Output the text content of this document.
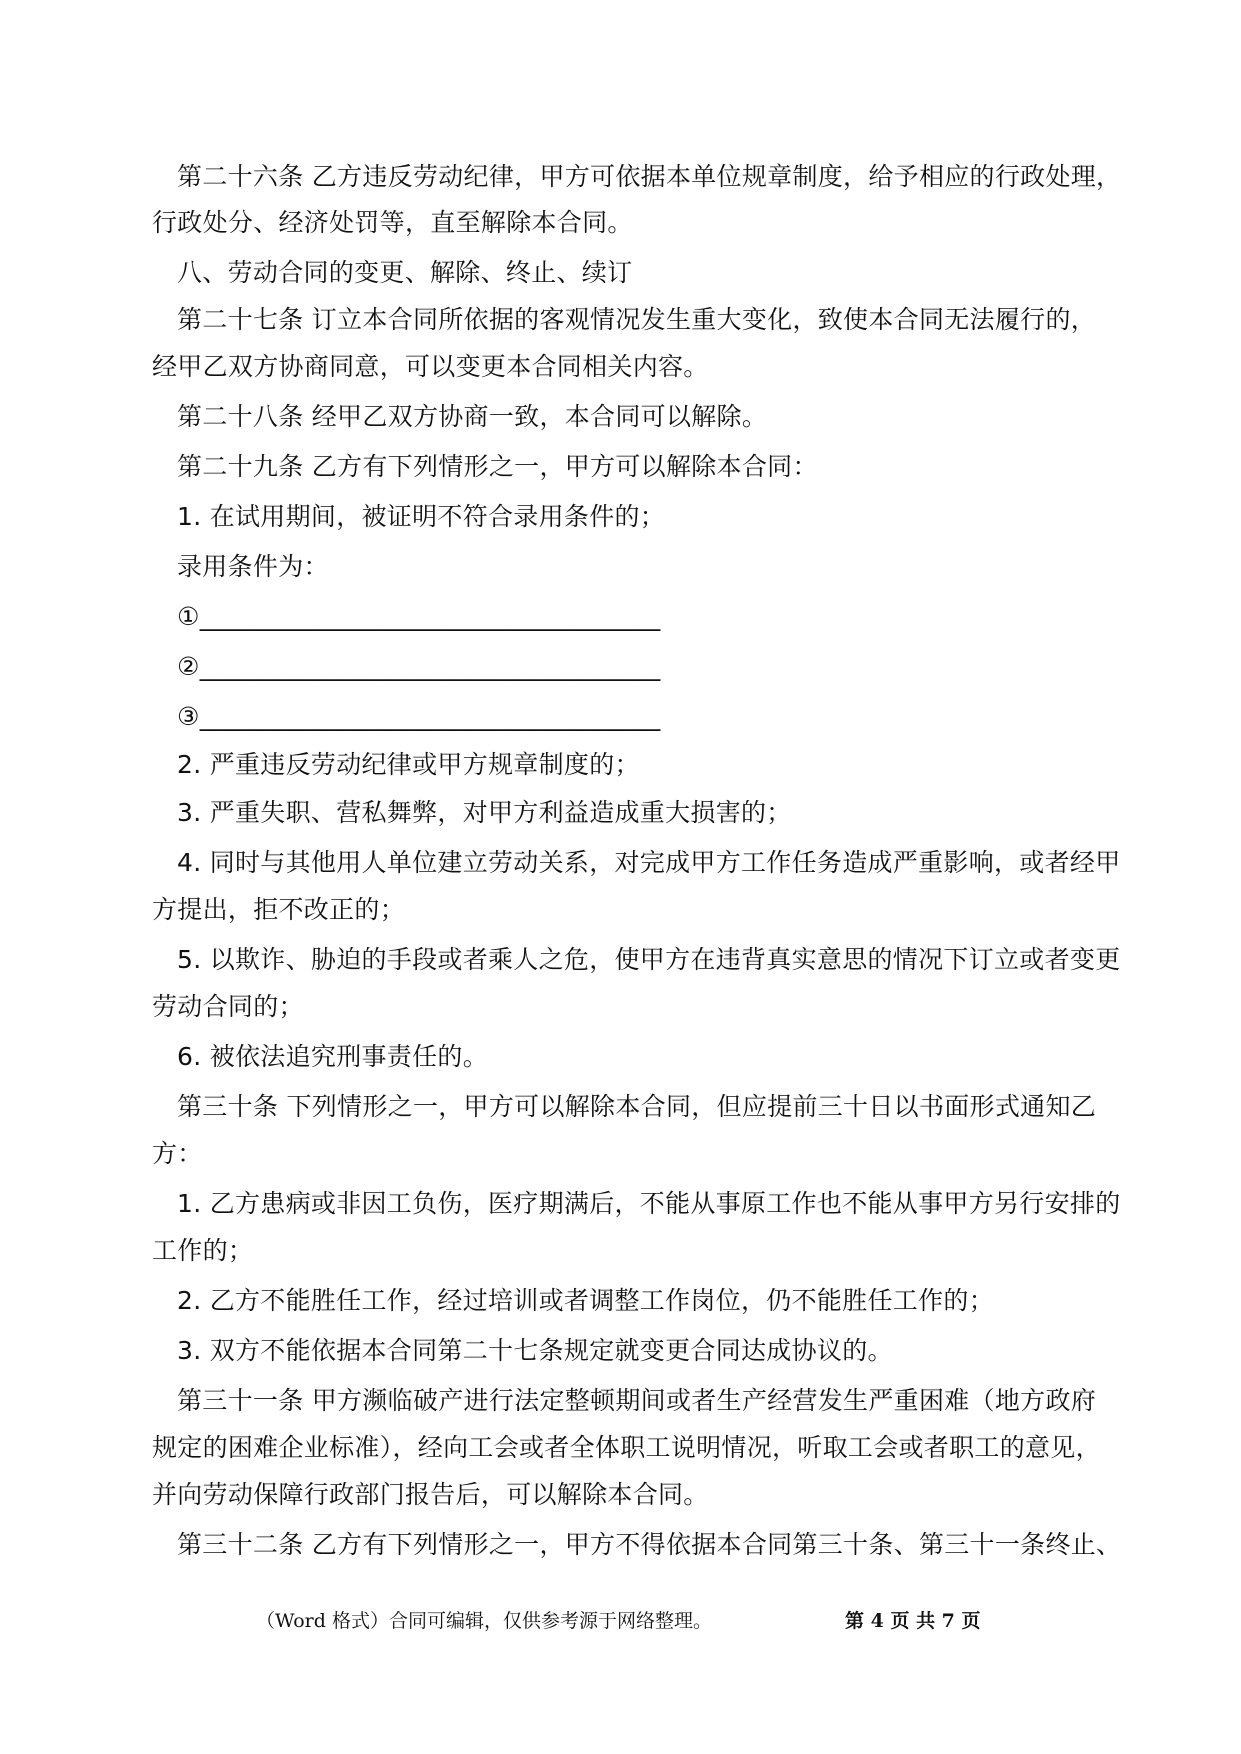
第二十六条 乙方违反劳动纪律，甲方可依据本单位规章制度，给予相应的行政处理，
行政处分、经济处罚等，直至解除本合同。
八、劳动合同的变更、解除、终止、续订
第二十七条 订立本合同所依据的客观情况发生重大变化，致使本合同无法履行的，
经甲乙双方协商同意，可以变更本合同相关内容。
第二十八条 经甲乙双方协商一致，本合同可以解除。
第二十九条 乙方有下列情形之一，甲方可以解除本合同：
1. 在试用期间，被证明不符合录用条件的；
录用条件为：
①____________________________________
②____________________________________
③____________________________________
2. 严重违反劳动纪律或甲方规章制度的；
3. 严重失职、营私舞弊，对甲方利益造成重大损害的；
4. 同时与其他用人单位建立劳动关系，对完成甲方工作任务造成严重影响，或者经甲
方提出，拒不改正的；
5. 以欺诈、胁迫的手段或者乘人之危，使甲方在违背真实意思的情况下订立或者变更
劳动合同的；
6. 被依法追究刑事责任的。
第三十条 下列情形之一，甲方可以解除本合同，但应提前三十日以书面形式通知乙
方：
1. 乙方患病或非因工负伤，医疗期满后，不能从事原工作也不能从事甲方另行安排的
工作的；
2. 乙方不能胜任工作，经过培训或者调整工作岗位，仍不能胜任工作的；
3. 双方不能依据本合同第二十七条规定就变更合同达成协议的。
第三十一条 甲方濒临破产进行法定整顿期间或者生产经营发生严重困难（地方政府
规定的困难企业标准），经向工会或者全体职工说明情况，听取工会或者职工的意见，
并向劳动保障行政部门报告后，可以解除本合同。
第三十二条 乙方有下列情形之一，甲方不得依据本合同第三十条、第三十一条终止、
（Word 格式）合同可编辑，仅供参考源于网络整理。	第 4 页 共 7 页
